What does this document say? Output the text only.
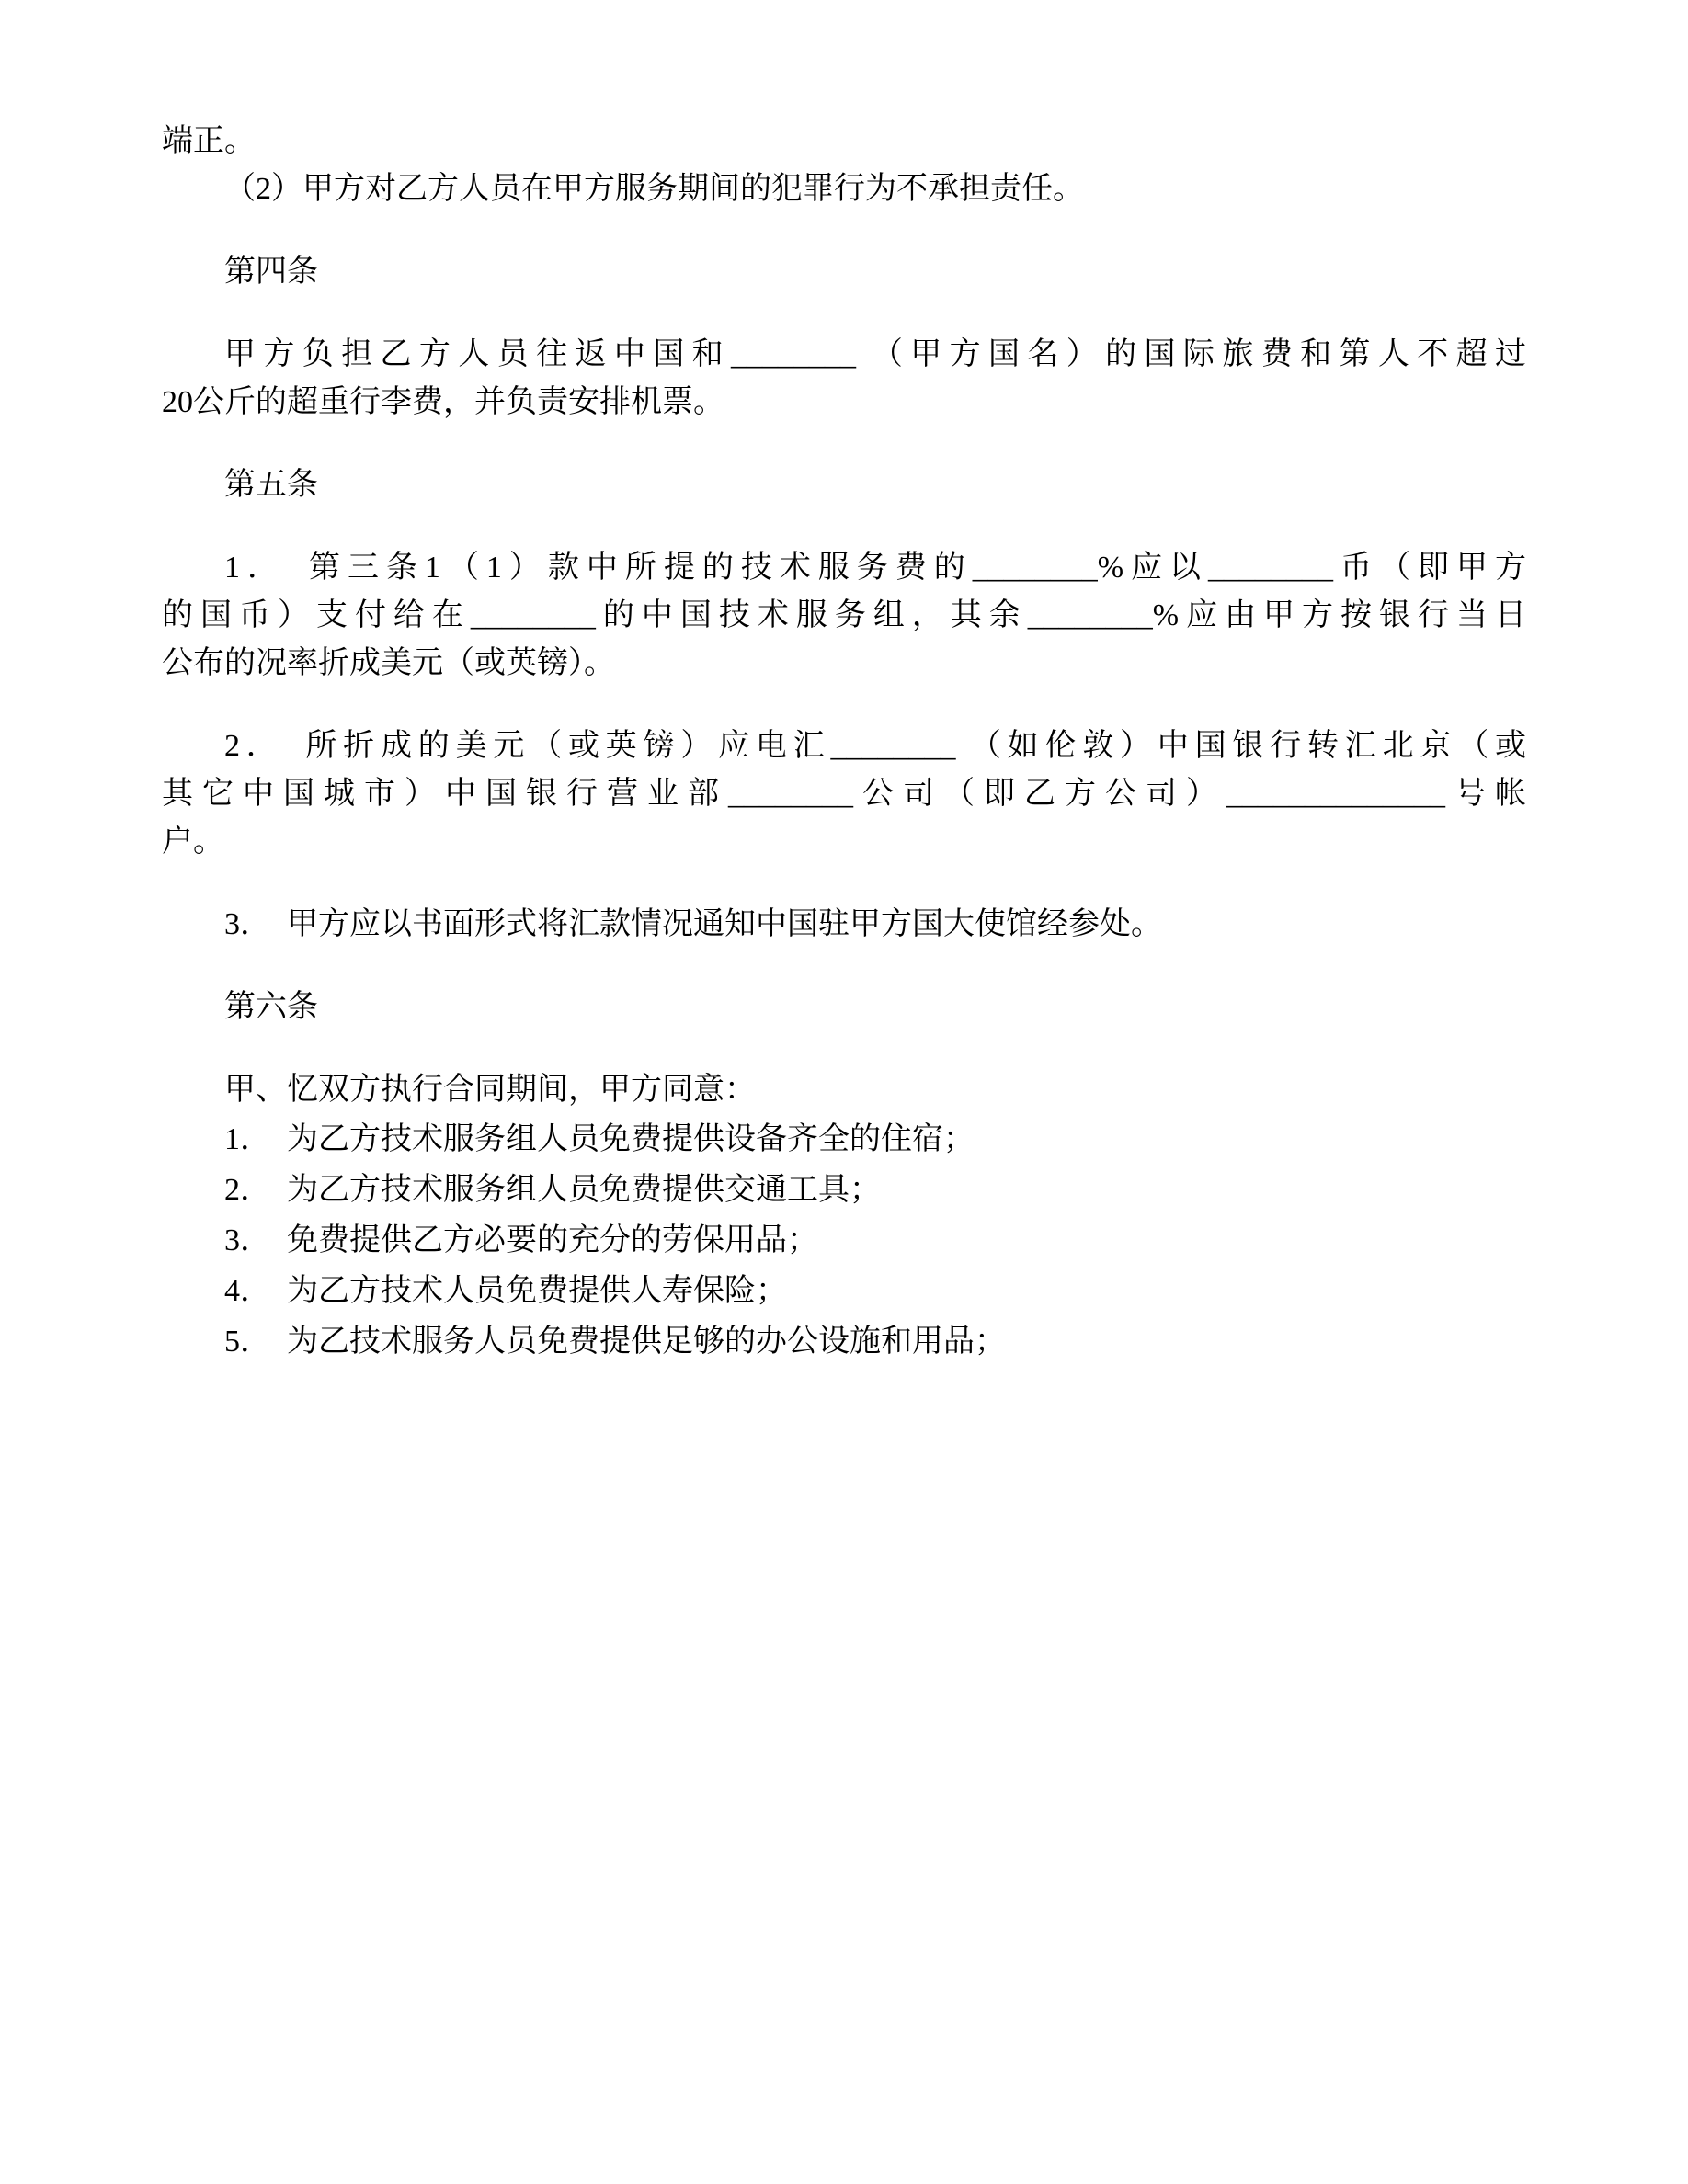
端正。

（2）甲方对乙方人员在甲方服务期间的犯罪行为不承担责任。

第四条

甲方负担乙方人员往返中国和________ （甲方国名）的国际旅费和第人不超过

20公斤的超重行李费，并负责安排机票。

第五条

1．　第三条1（1）款中所提的技术服务费的________%应以________币（即甲方

的国币）支付给在________的中国技术服务组，其余________%应由甲方按银行当日

公布的况率折成美元（或英镑）。

2．　所折成的美元（或英镑）应电汇________ （如伦敦）中国银行转汇北京（或

其它中国城市）中国银行营业部________公司（即乙方公司）______________号帐

户。

3．　甲方应以书面形式将汇款情况通知中国驻甲方国大使馆经参处。

第六条

甲、忆双方执行合同期间，甲方同意：

1．　为乙方技术服务组人员免费提供设备齐全的住宿；

2．　为乙方技术服务组人员免费提供交通工具；

3．　免费提供乙方必要的充分的劳保用品；

4．　为乙方技术人员免费提供人寿保险；

5．　为乙技术服务人员免费提供足够的办公设施和用品；
